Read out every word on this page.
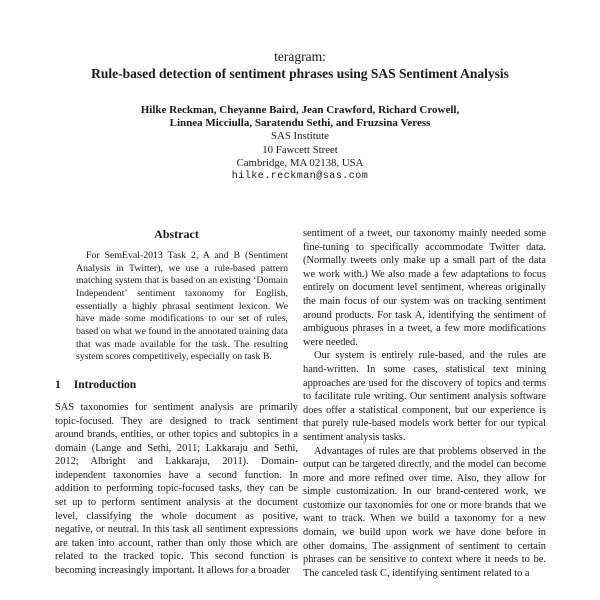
teragram:
Rule-based detection of sentiment phrases using SAS Sentiment Analysis
Hilke Reckman, Cheyanne Baird, Jean Crawford, Richard Crowell,
Linnea Micciulla, Saratendu Sethi, and Fruzsina Veress
SAS Institute
10 Fawcett Street
Cambridge, MA 02138, USA
hilke.reckman@sas.com
Abstract

For SemEval-2013 Task 2, A and B (Sentiment Analysis in Twitter), we use a rule-based pattern matching system that is based on an existing ‘Domain Independent’ sentiment taxonomy for English, essentially a highly phrasal sentiment lexicon. We have made some modifications to our set of rules, based on what we found in the annotated training data that was made available for the task. The resulting system scores competitively, especially on task B.

1 Introduction

SAS taxonomies for sentiment analysis are primarily topic-focused. They are designed to track sentiment around brands, entities, or other topics and subtopics in a domain (Lange and Sethi, 2011; Lakkaraju and Sethi, 2012; Albright and Lakkaraju, 2011). Domain-independent taxonomies have a second function. In addition to performing topic-focused tasks, they can be set up to perform sentiment analysis at the document level, classifying the whole document as positive, negative, or neutral. In this task all sentiment expressions are taken into account, rather than only those which are related to the tracked topic. This second function is becoming increasingly important. It allows for a broader

sentiment of a tweet, our taxonomy mainly needed some fine-tuning to specifically accommodate Twitter data. (Normally tweets only make up a small part of the data we work with.) We also made a few adaptations to focus entirely on document level sentiment, whereas originally the main focus of our system was on tracking sentiment around products. For task A, identifying the sentiment of ambiguous phrases in a tweet, a few more modifications were needed.

Our system is entirely rule-based, and the rules are hand-written. In some cases, statistical text mining approaches are used for the discovery of topics and terms to facilitate rule writing. Our sentiment analysis software does offer a statistical component, but our experience is that purely rule-based models work better for our typical sentiment analysis tasks.

Advantages of rules are that problems observed in the output can be targeted directly, and the model can become more and more refined over time. Also, they allow for simple customization. In our brand-centered work, we customize our taxonomies for one or more brands that we want to track. When we build a taxonomy for a new domain, we build upon work we have done before in other domains. The assignment of sentiment to certain phrases can be sensitive to context where it needs to be. The canceled task C, identifying sentiment related to a
